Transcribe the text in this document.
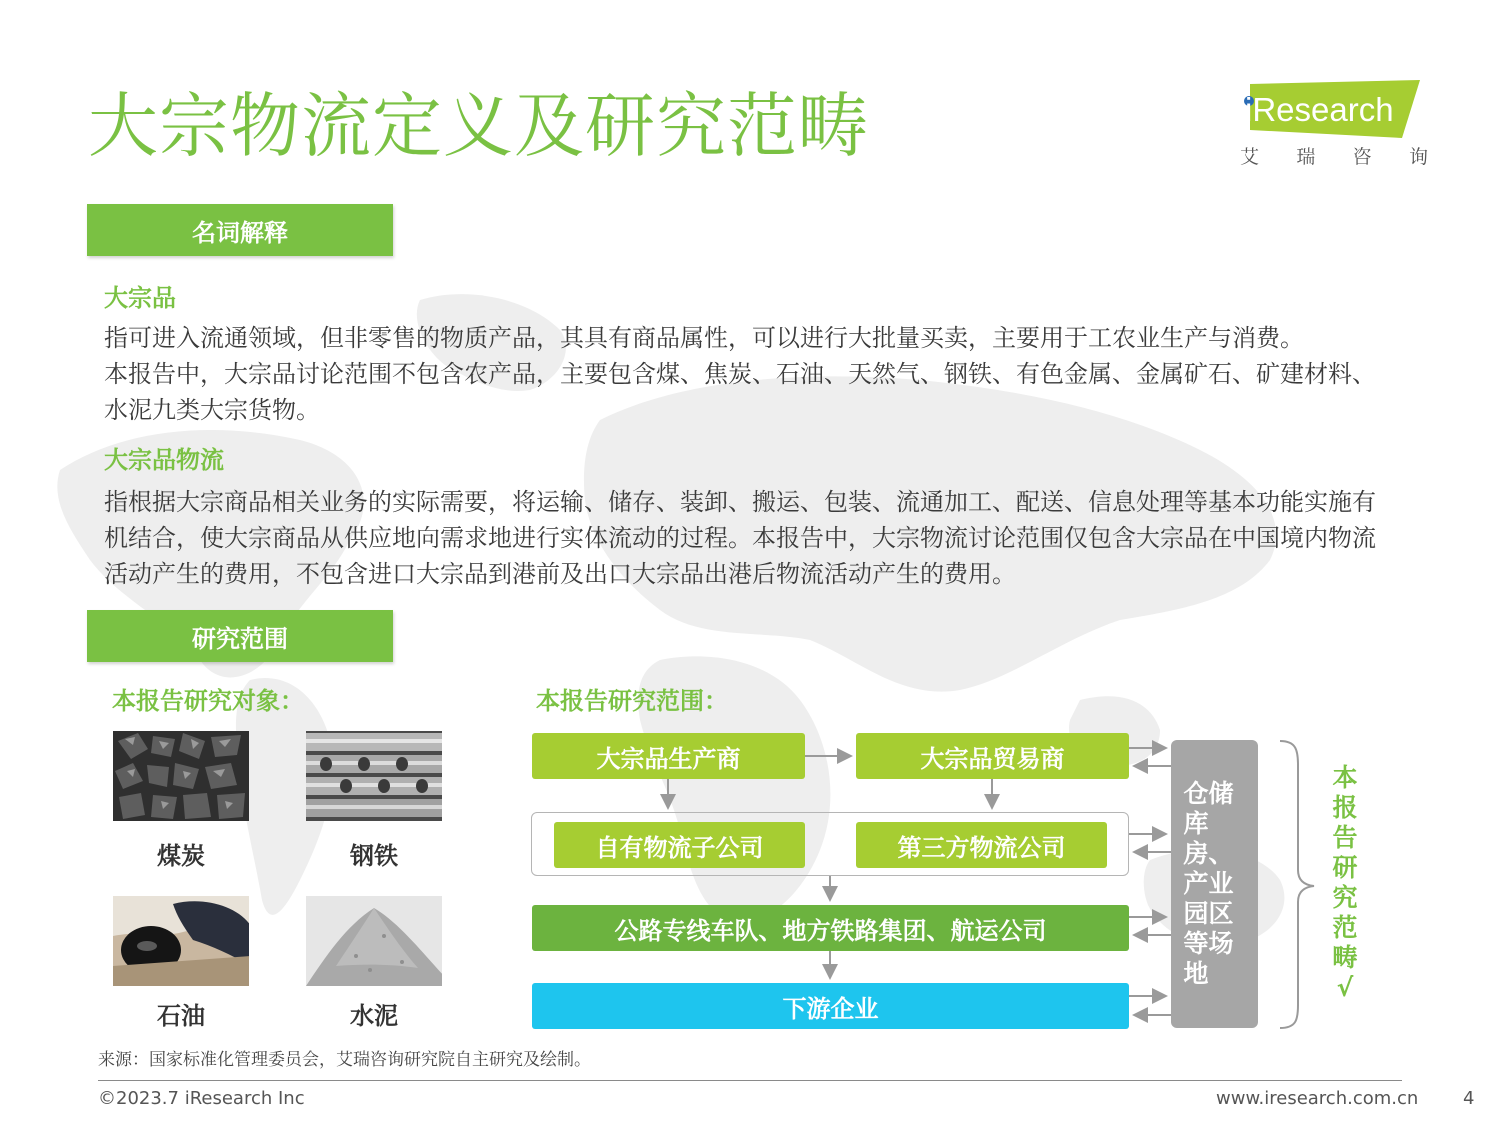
大宗物流定义及研究范畴	iResearch
艾 瑞 咨 询
名词解释
大宗品

指可进入流通领域，但非零售的物质产品，其具有商品属性，可以进行大批量买卖，主要用于工农业生产与消费。

本报告中，大宗品讨论范围不包含农产品，主要包含煤、焦炭、石油、天然气、钢铁、有色金属、金属矿石、矿建材料、水泥九类大宗货物。

大宗品物流

指根据大宗商品相关业务的实际需要，将运输、储存、装卸、搬运、包装、流通加工、配送、信息处理等基本功能实施有机结合，使大宗商品从供应地向需求地进行实体流动的过程。本报告中，大宗物流讨论范围仅包含大宗品在中国境内物流活动产生的费用，不包含进口大宗品到港前及出口大宗品出港后物流活动产生的费用。

研究范围
本报告研究对象：	本报告研究范围：
煤炭	钢铁
石油	水泥
大宗品生产商	大宗品贸易商
自有物流子公司	第三方物流公司
公路专线车队、地方铁路集团、航运公司
下游企业
仓储库房、产业园区等场地
本报告研究范畴√
来源：国家标准化管理委员会，艾瑞咨询研究院自主研究及绘制。
©2023.7 iResearch Inc	www.iresearch.com.cn 4
